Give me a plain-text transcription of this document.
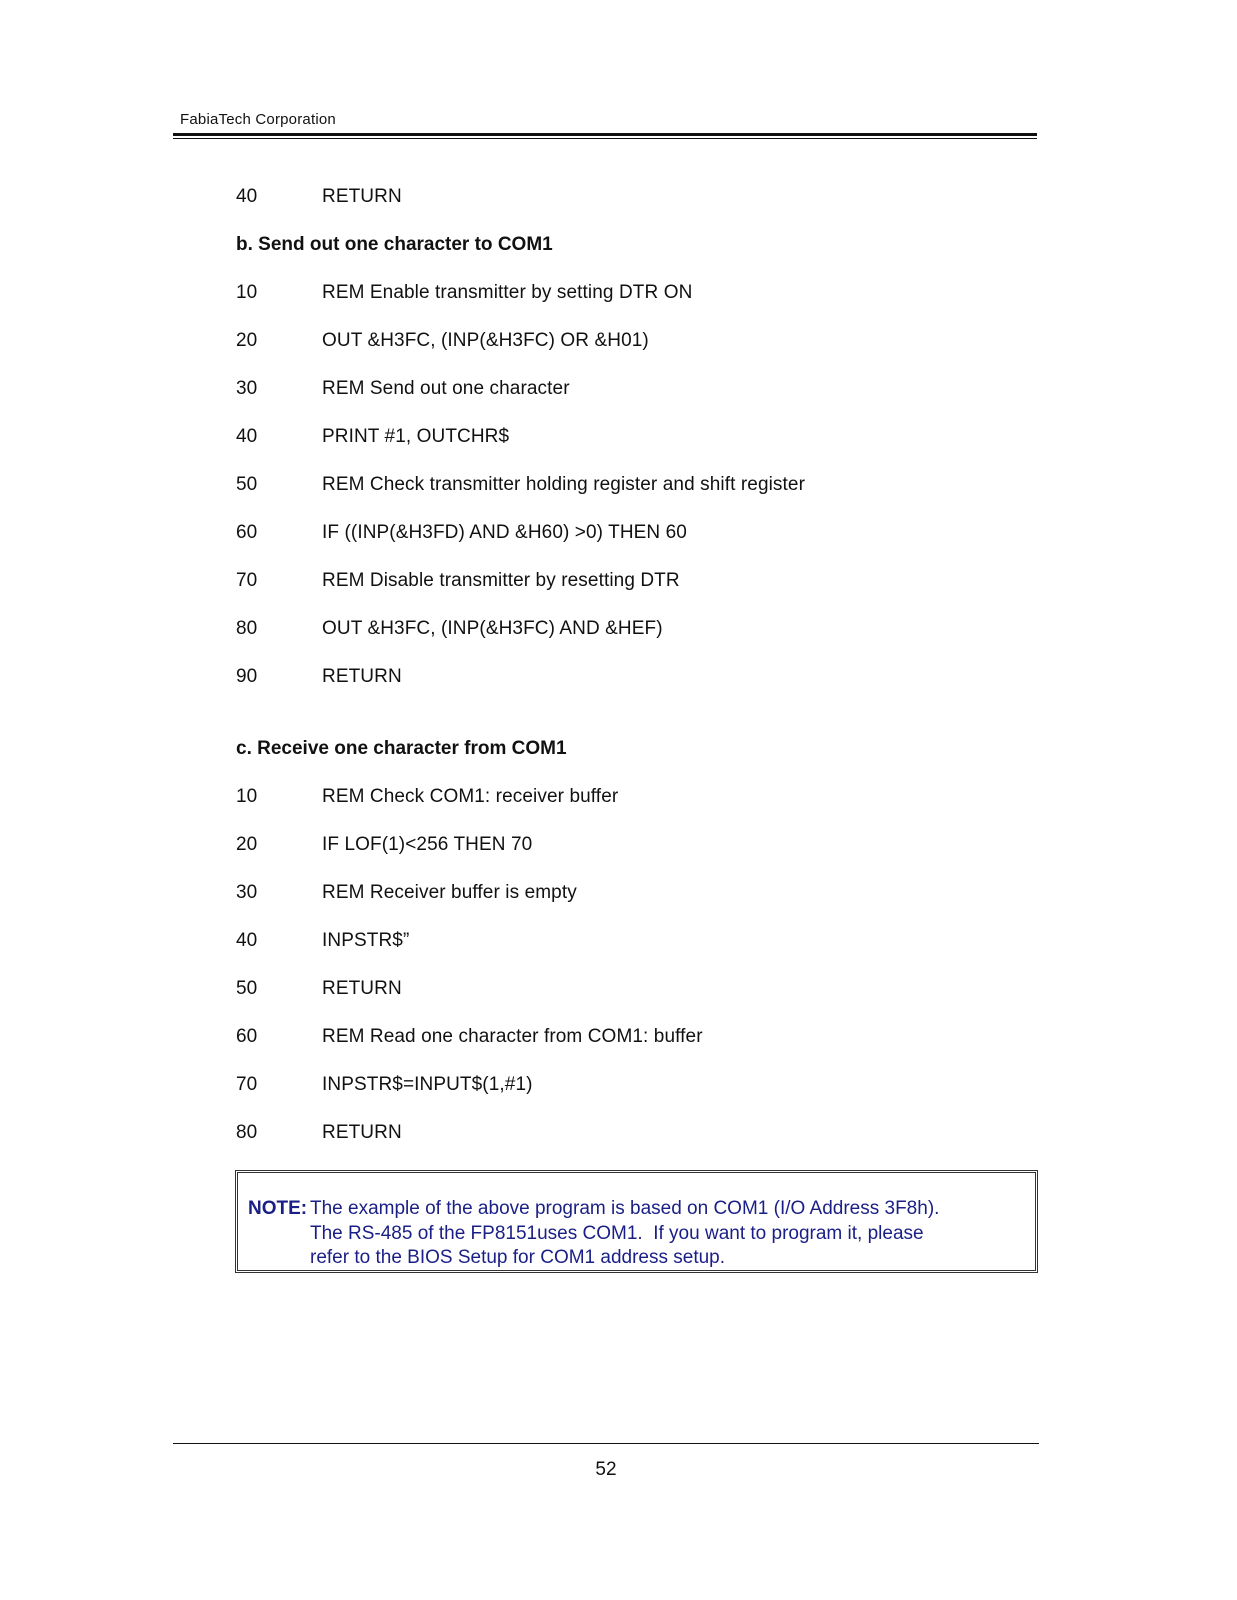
FabiaTech Corporation
40	RETURN
b. Send out one character to COM1
10	REM Enable transmitter by setting DTR ON
20	OUT &H3FC, (INP(&H3FC) OR &H01)
30	REM Send out one character
40	PRINT #1, OUTCHR$
50	REM Check transmitter holding register and shift register
60	IF ((INP(&H3FD) AND &H60) >0) THEN 60
70	REM Disable transmitter by resetting DTR
80	OUT &H3FC, (INP(&H3FC) AND &HEF)
90	RETURN
c. Receive one character from COM1
10	REM Check COM1: receiver buffer
20	IF LOF(1)<256 THEN 70
30	REM Receiver buffer is empty
40	INPSTR$”
50	RETURN
60	REM Read one character from COM1: buffer
70	INPSTR$=INPUT$(1,#1)
80	RETURN
NOTE: The example of the above program is based on COM1 (I/O Address 3F8h).
The RS-485 of the FP8151uses COM1.  If you want to program it, please
refer to the BIOS Setup for COM1 address setup.
52
